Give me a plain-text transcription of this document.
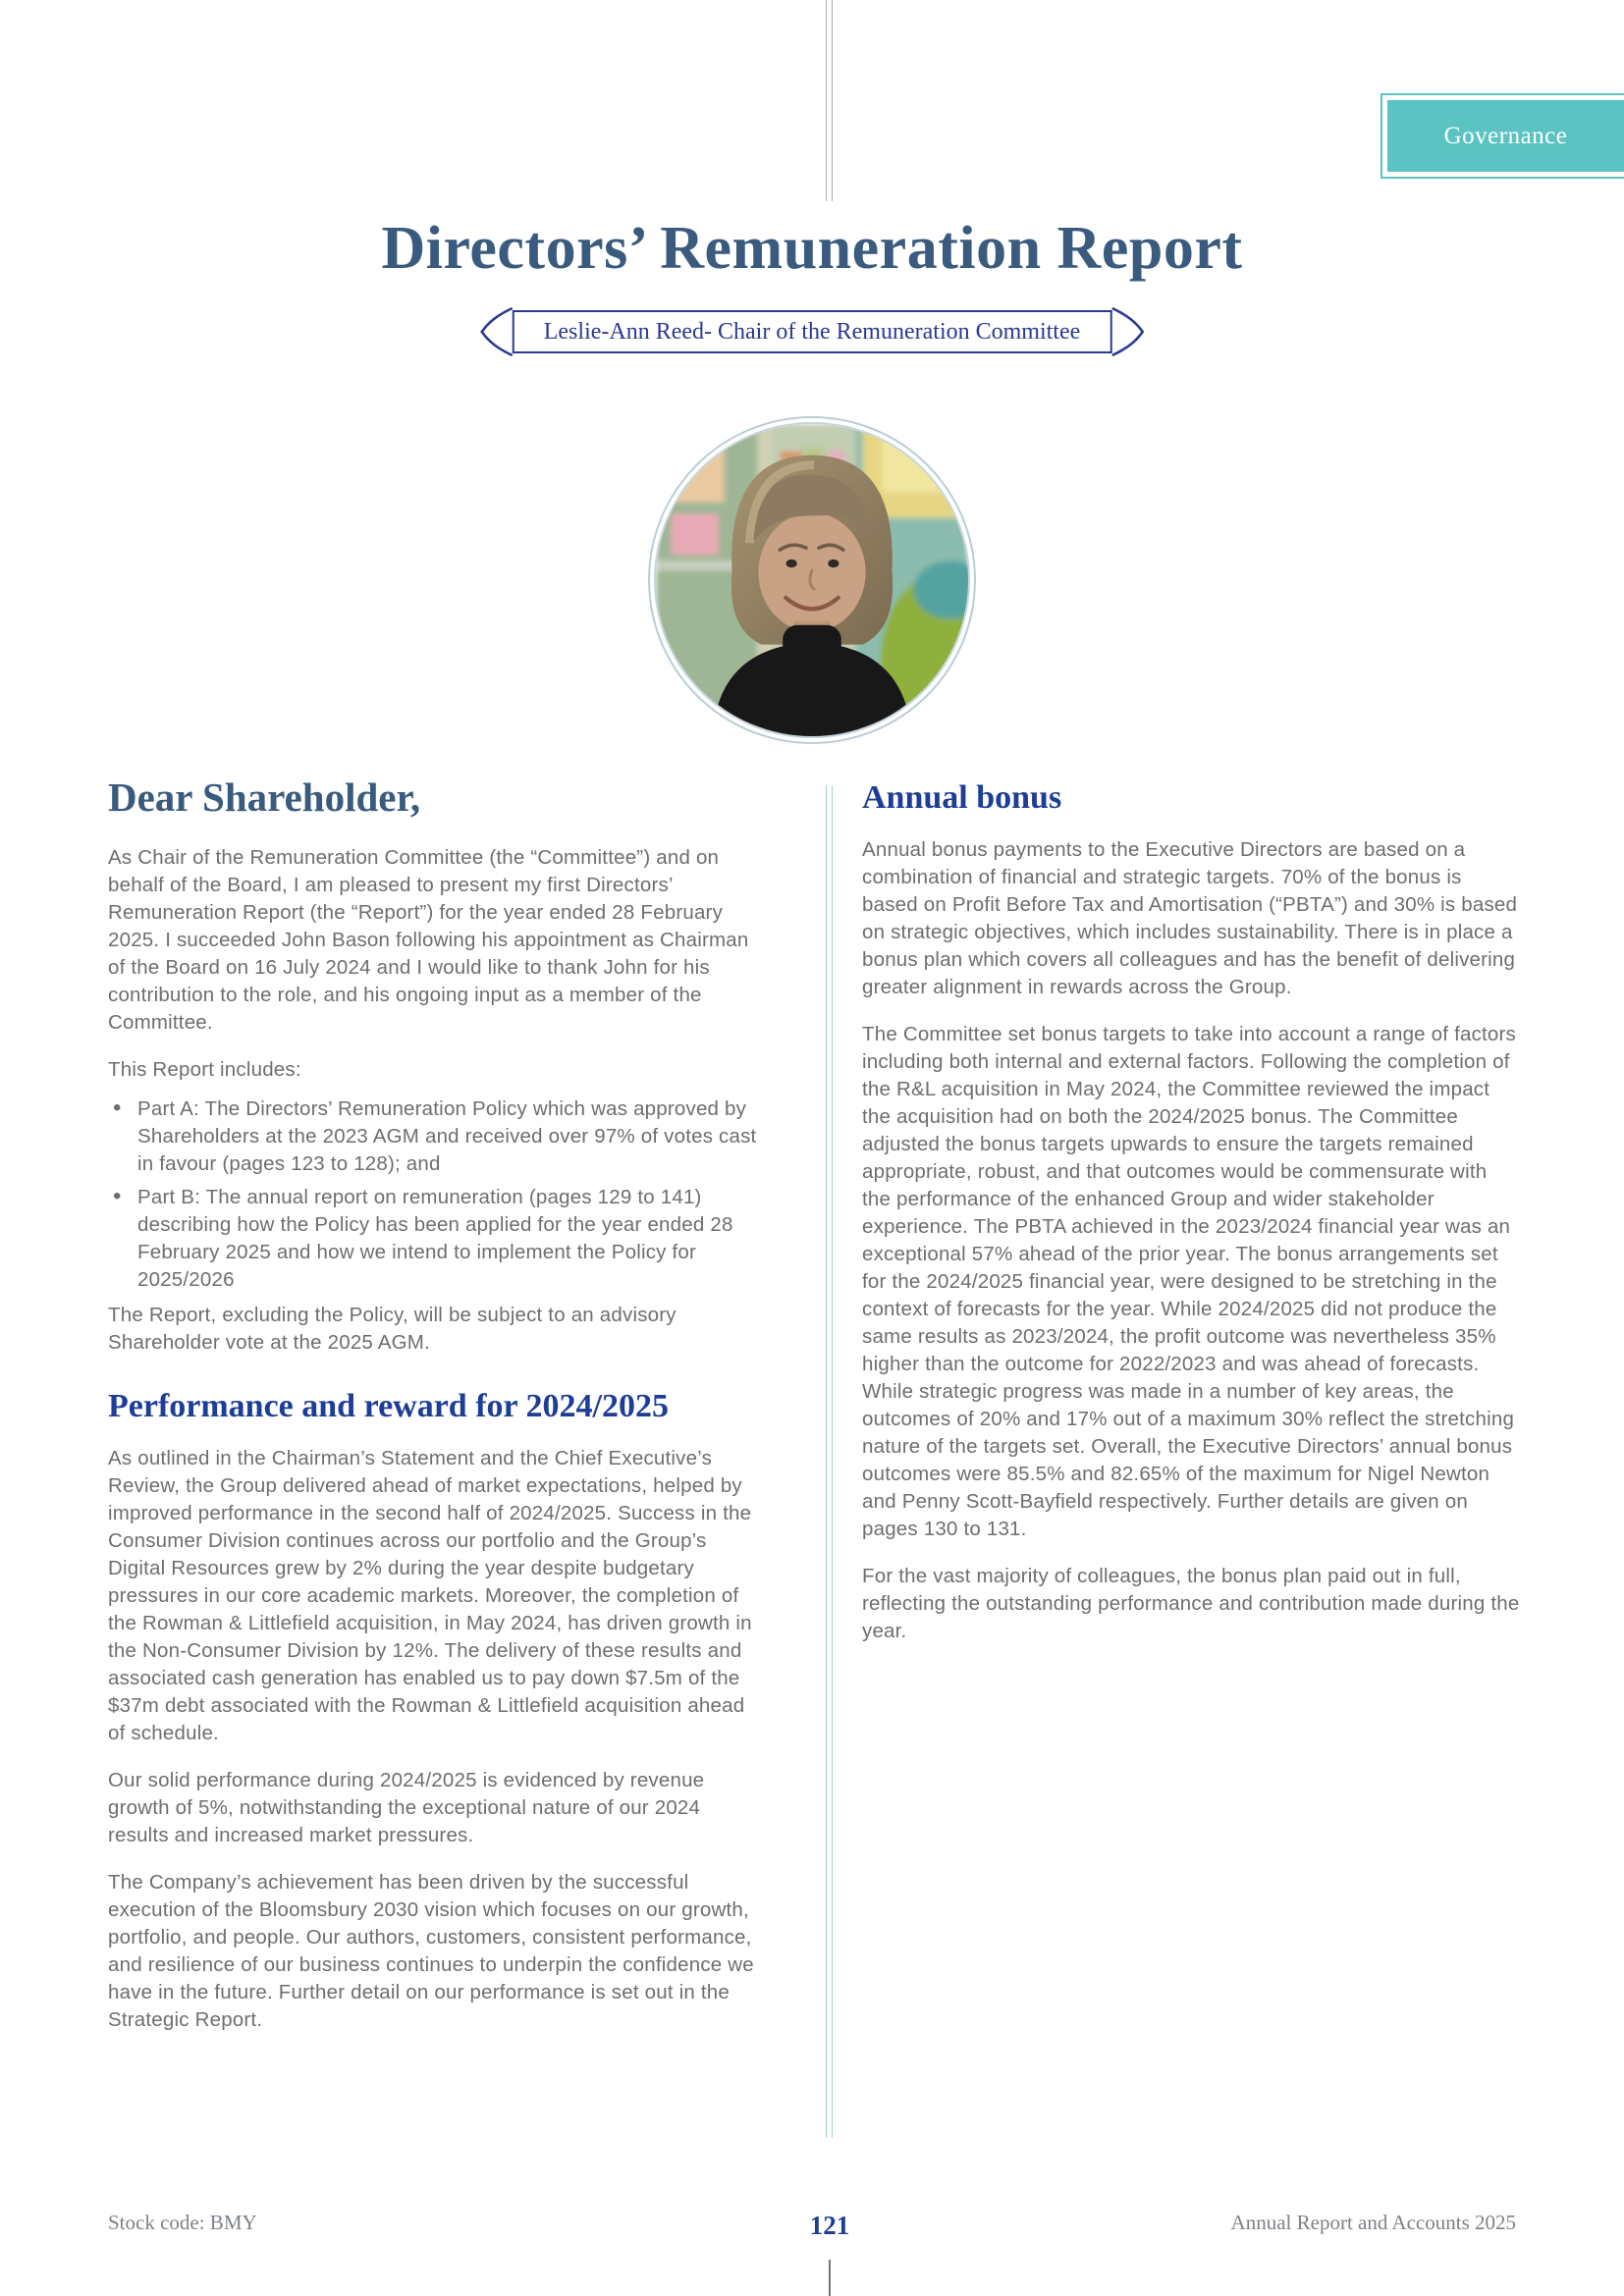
Governance
Directors’ Remuneration Report
Leslie-Ann Reed- Chair of the Remuneration Committee
Dear Shareholder,

As Chair of the Remuneration Committee (the “Committee”) and on behalf of the Board, I am pleased to present my first Directors’ Remuneration Report (the “Report”) for the year ended 28 February 2025. I succeeded John Bason following his appointment as Chairman of the Board on 16 July 2024 and I would like to thank John for his contribution to the role, and his ongoing input as a member of the Committee.

This Report includes:

• Part A: The Directors’ Remuneration Policy which was approved by Shareholders at the 2023 AGM and received over 97% of votes cast in favour (pages 123 to 128); and
• Part B: The annual report on remuneration (pages 129 to 141) describing how the Policy has been applied for the year ended 28 February 2025 and how we intend to implement the Policy for 2025/2026

The Report, excluding the Policy, will be subject to an advisory Shareholder vote at the 2025 AGM.

Performance and reward for 2024/2025

As outlined in the Chairman’s Statement and the Chief Executive’s Review, the Group delivered ahead of market expectations, helped by improved performance in the second half of 2024/2025. Success in the Consumer Division continues across our portfolio and the Group’s Digital Resources grew by 2% during the year despite budgetary pressures in our core academic markets. Moreover, the completion of the Rowman & Littlefield acquisition, in May 2024, has driven growth in the Non-Consumer Division by 12%. The delivery of these results and associated cash generation has enabled us to pay down $7.5m of the $37m debt associated with the Rowman & Littlefield acquisition ahead of schedule.

Our solid performance during 2024/2025 is evidenced by revenue growth of 5%, notwithstanding the exceptional nature of our 2024 results and increased market pressures.

The Company’s achievement has been driven by the successful execution of the Bloomsbury 2030 vision which focuses on our growth, portfolio, and people. Our authors, customers, consistent performance, and resilience of our business continues to underpin the confidence we have in the future. Further detail on our performance is set out in the Strategic Report.

Annual bonus

Annual bonus payments to the Executive Directors are based on a combination of financial and strategic targets. 70% of the bonus is based on Profit Before Tax and Amortisation (“PBTA”) and 30% is based on strategic objectives, which includes sustainability. There is in place a bonus plan which covers all colleagues and has the benefit of delivering greater alignment in rewards across the Group.

The Committee set bonus targets to take into account a range of factors including both internal and external factors. Following the completion of the R&L acquisition in May 2024, the Committee reviewed the impact the acquisition had on both the 2024/2025 bonus. The Committee adjusted the bonus targets upwards to ensure the targets remained appropriate, robust, and that outcomes would be commensurate with the performance of the enhanced Group and wider stakeholder experience. The PBTA achieved in the 2023/2024 financial year was an exceptional 57% ahead of the prior year. The bonus arrangements set for the 2024/2025 financial year, were designed to be stretching in the context of forecasts for the year. While 2024/2025 did not produce the same results as 2023/2024, the profit outcome was nevertheless 35% higher than the outcome for 2022/2023 and was ahead of forecasts. While strategic progress was made in a number of key areas, the outcomes of 20% and 17% out of a maximum 30% reflect the stretching nature of the targets set. Overall, the Executive Directors’ annual bonus outcomes were 85.5% and 82.65% of the maximum for Nigel Newton and Penny Scott-Bayfield respectively. Further details are given on pages 130 to 131.

For the vast majority of colleagues, the bonus plan paid out in full, reflecting the outstanding performance and contribution made during the year.

Stock code: BMY	121	Annual Report and Accounts 2025
